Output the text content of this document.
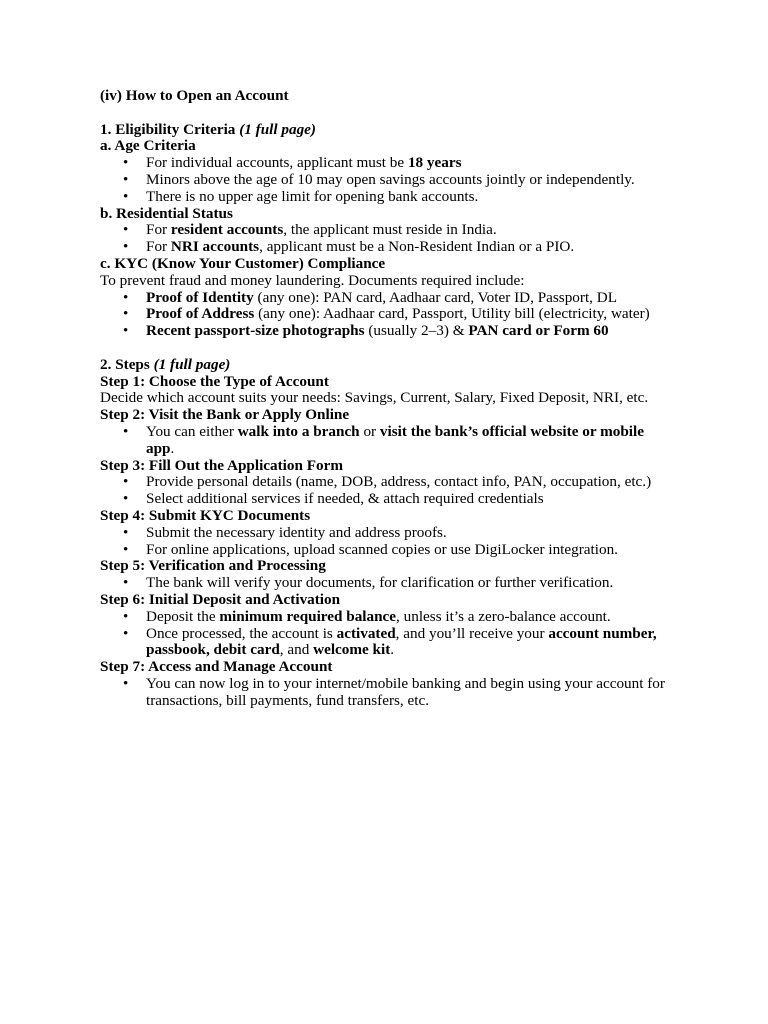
(iv) How to Open an Account

1. Eligibility Criteria (1 full page)

a. Age Criteria

• For individual accounts, applicant must be 18 years
• Minors above the age of 10 may open savings accounts jointly or independently.
• There is no upper age limit for opening bank accounts.

b. Residential Status

• For resident accounts, the applicant must reside in India.
• For NRI accounts, applicant must be a Non-Resident Indian or a PIO.

c. KYC (Know Your Customer) Compliance

To prevent fraud and money laundering. Documents required include:

• Proof of Identity (any one): PAN card, Aadhaar card, Voter ID, Passport, DL
• Proof of Address (any one): Aadhaar card, Passport, Utility bill (electricity, water)
• Recent passport-size photographs (usually 2–3) & PAN card or Form 60

2. Steps (1 full page)

Step 1: Choose the Type of Account

Decide which account suits your needs: Savings, Current, Salary, Fixed Deposit, NRI, etc.

Step 2: Visit the Bank or Apply Online

• You can either walk into a branch or visit the bank’s official website or mobile app.

Step 3: Fill Out the Application Form

• Provide personal details (name, DOB, address, contact info, PAN, occupation, etc.)
• Select additional services if needed, & attach required credentials

Step 4: Submit KYC Documents

• Submit the necessary identity and address proofs.
• For online applications, upload scanned copies or use DigiLocker integration.

Step 5: Verification and Processing

• The bank will verify your documents, for clarification or further verification.

Step 6: Initial Deposit and Activation

• Deposit the minimum required balance, unless it’s a zero-balance account.
• Once processed, the account is activated, and you’ll receive your account number, passbook, debit card, and welcome kit.

Step 7: Access and Manage Account

• You can now log in to your internet/mobile banking and begin using your account for transactions, bill payments, fund transfers, etc.
